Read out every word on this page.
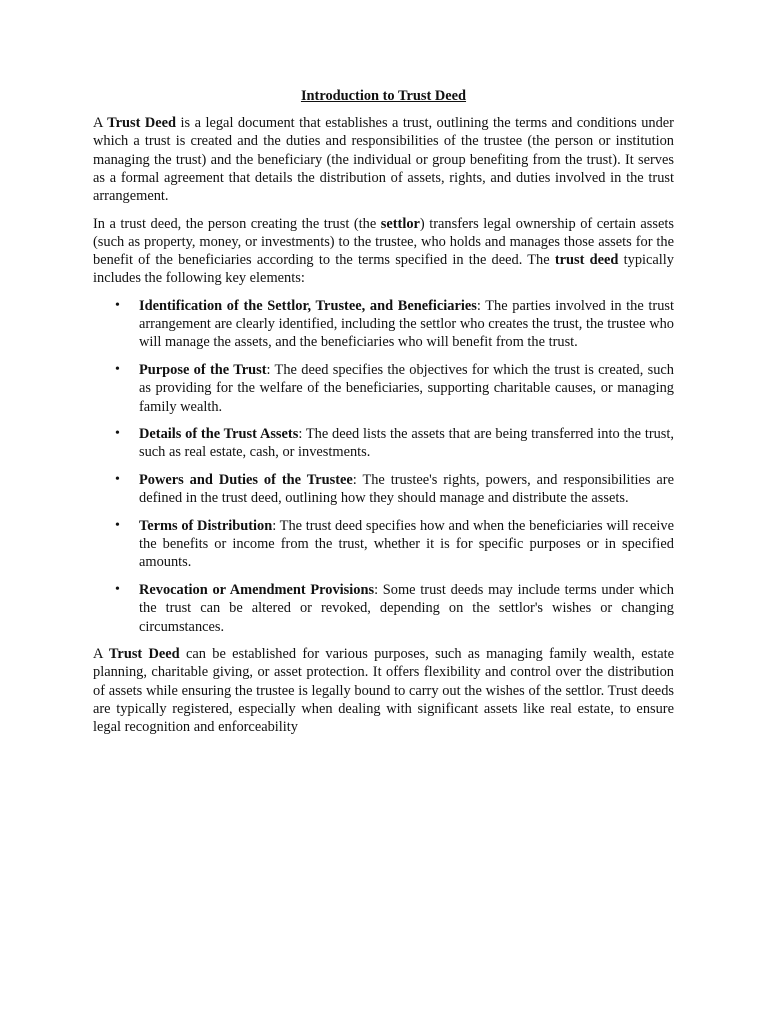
Introduction to Trust Deed

A Trust Deed is a legal document that establishes a trust, outlining the terms and conditions under which a trust is created and the duties and responsibilities of the trustee (the person or institution managing the trust) and the beneficiary (the individual or group benefiting from the trust). It serves as a formal agreement that details the distribution of assets, rights, and duties involved in the trust arrangement.

In a trust deed, the person creating the trust (the settlor) transfers legal ownership of certain assets (such as property, money, or investments) to the trustee, who holds and manages those assets for the benefit of the beneficiaries according to the terms specified in the deed. The trust deed typically includes the following key elements:

• Identification of the Settlor, Trustee, and Beneficiaries: The parties involved in the trust arrangement are clearly identified, including the settlor who creates the trust, the trustee who will manage the assets, and the beneficiaries who will benefit from the trust.
• Purpose of the Trust: The deed specifies the objectives for which the trust is created, such as providing for the welfare of the beneficiaries, supporting charitable causes, or managing family wealth.
• Details of the Trust Assets: The deed lists the assets that are being transferred into the trust, such as real estate, cash, or investments.
• Powers and Duties of the Trustee: The trustee's rights, powers, and responsibilities are defined in the trust deed, outlining how they should manage and distribute the assets.
• Terms of Distribution: The trust deed specifies how and when the beneficiaries will receive the benefits or income from the trust, whether it is for specific purposes or in specified amounts.
• Revocation or Amendment Provisions: Some trust deeds may include terms under which the trust can be altered or revoked, depending on the settlor's wishes or changing circumstances.

A Trust Deed can be established for various purposes, such as managing family wealth, estate planning, charitable giving, or asset protection. It offers flexibility and control over the distribution of assets while ensuring the trustee is legally bound to carry out the wishes of the settlor. Trust deeds are typically registered, especially when dealing with significant assets like real estate, to ensure legal recognition and enforceability
